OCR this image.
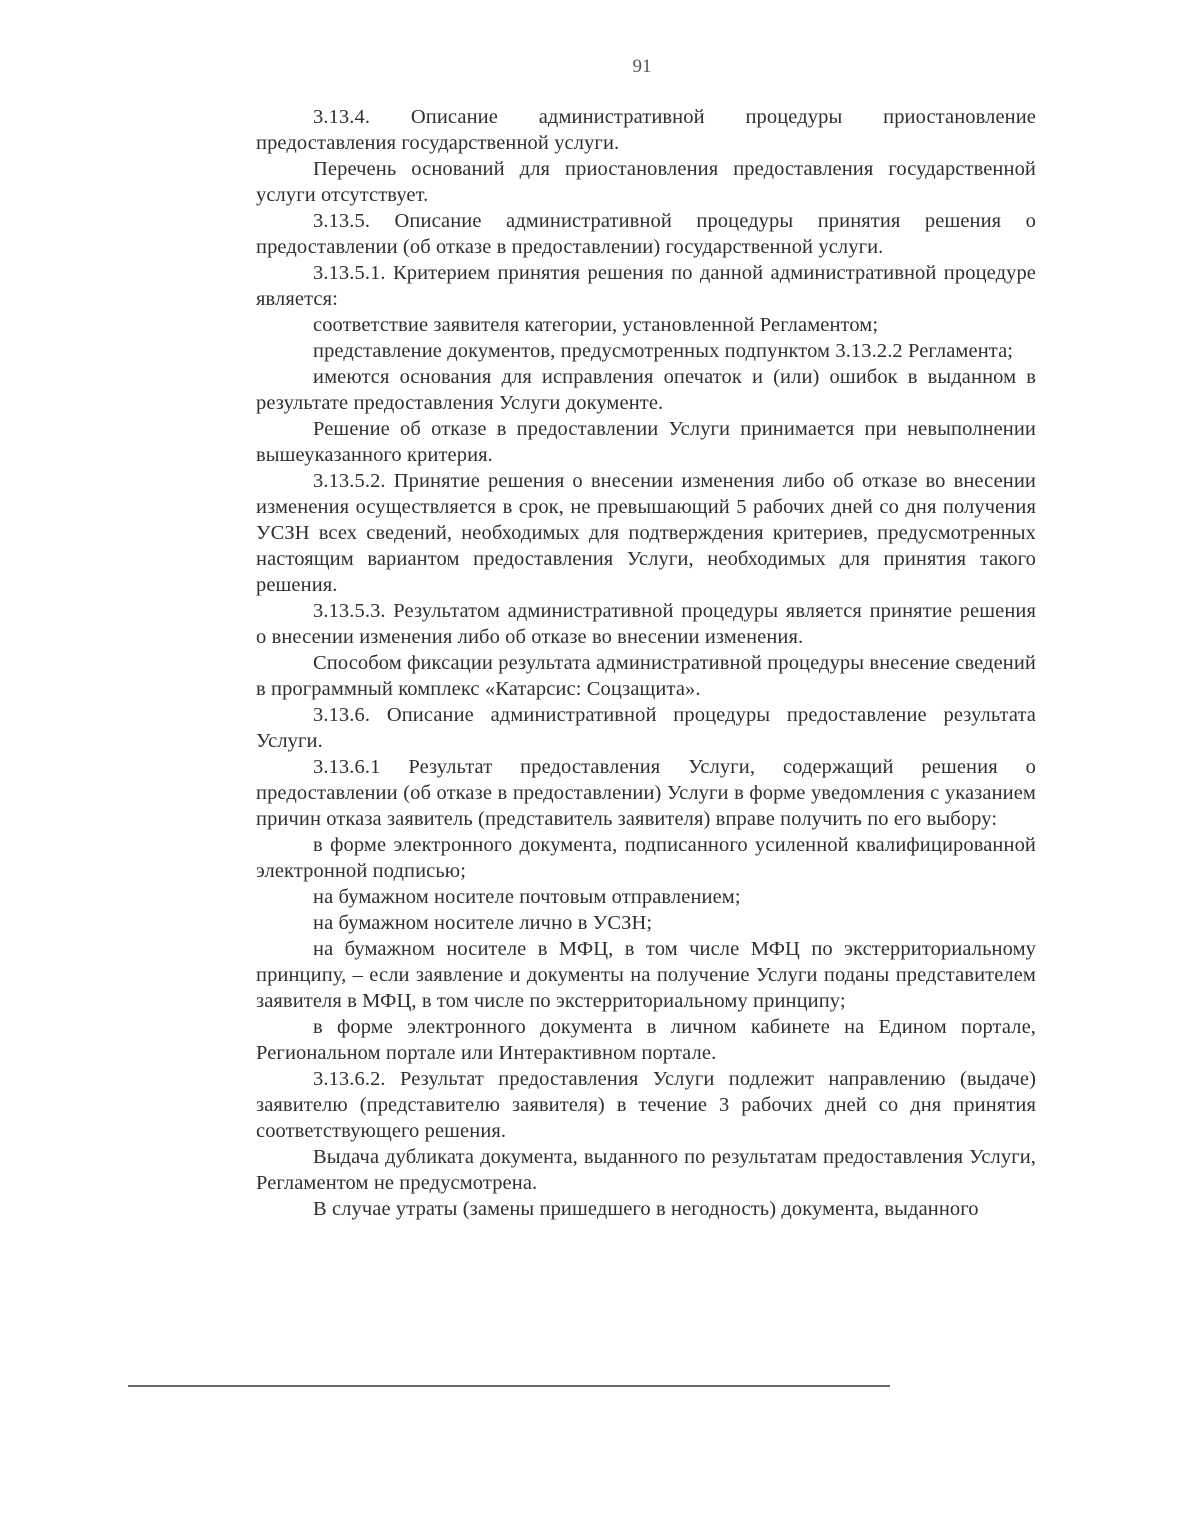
91

3.13.4. Описание административной процедуры приостановление предоставления государственной услуги.

Перечень оснований для приостановления предоставления государственной услуги отсутствует.

3.13.5. Описание административной процедуры принятия решения о предоставлении (об отказе в предоставлении) государственной услуги.

3.13.5.1. Критерием принятия решения по данной административной процедуре является:

соответствие заявителя категории, установленной Регламентом;

представление документов, предусмотренных подпунктом 3.13.2.2 Регламента;

имеются основания для исправления опечаток и (или) ошибок в выданном в результате предоставления Услуги документе.

Решение об отказе в предоставлении Услуги принимается при невыполнении вышеуказанного критерия.

3.13.5.2. Принятие решения о внесении изменения либо об отказе во внесении изменения осуществляется в срок, не превышающий 5 рабочих дней со дня получения УСЗН всех сведений, необходимых для подтверждения критериев, предусмотренных настоящим вариантом предоставления Услуги, необходимых для принятия такого решения.

3.13.5.3. Результатом административной процедуры является принятие решения о внесении изменения либо об отказе во внесении изменения.

Способом фиксации результата административной процедуры внесение сведений в программный комплекс «Катарсис: Соцзащита».

3.13.6. Описание административной процедуры предоставление результата Услуги.

3.13.6.1 Результат предоставления Услуги, содержащий решения о предоставлении (об отказе в предоставлении) Услуги в форме уведомления с указанием причин отказа заявитель (представитель заявителя) вправе получить по его выбору:

в форме электронного документа, подписанного усиленной квалифицированной электронной подписью;

на бумажном носителе почтовым отправлением;

на бумажном носителе лично в УСЗН;

на бумажном носителе в МФЦ, в том числе МФЦ по экстерриториальному принципу, – если заявление и документы на получение Услуги поданы представителем заявителя в МФЦ, в том числе по экстерриториальному принципу;

в форме электронного документа в личном кабинете на Едином портале, Региональном портале или Интерактивном портале.

3.13.6.2. Результат предоставления Услуги подлежит направлению (выдаче) заявителю (представителю заявителя) в течение 3 рабочих дней со дня принятия соответствующего решения.

Выдача дубликата документа, выданного по результатам предоставления Услуги, Регламентом не предусмотрена.

В случае утраты (замены пришедшего в негодность) документа, выданного
